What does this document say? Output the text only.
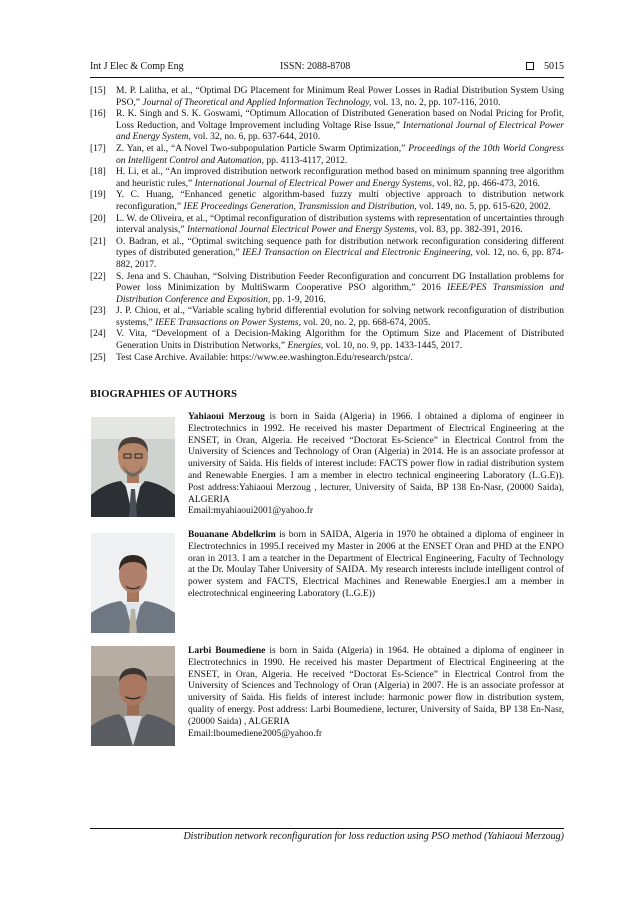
Int J Elec & Comp Eng	ISSN: 2088-8708	5015
[15] M. P. Lalitha, et al., “Optimal DG Placement for Minimum Real Power Losses in Radial Distribution System Using PSO,” Journal of Theoretical and Applied Information Technology, vol. 13, no. 2, pp. 107-116, 2010.
[16] R. K. Singh and S. K. Goswami, “Optimum Allocation of Distributed Generation based on Nodal Pricing for Profit, Loss Reduction, and Voltage Improvement including Voltage Rise Issue,” International Journal of Electrical Power and Energy System, vol. 32, no. 6, pp. 637-644, 2010.
[17] Z. Yan, et al., “A Novel Two-subpopulation Particle Swarm Optimization,” Proceedings of the 10th World Congress on Intelligent Control and Automation, pp. 4113-4117, 2012.
[18] H. Li, et al., “An improved distribution network reconfiguration method based on minimum spanning tree algorithm and heuristic rules,” International Journal of Electrical Power and Energy Systems, vol. 82, pp. 466-473, 2016.
[19] Y. C. Huang, “Enhanced genetic algorithm-based fuzzy multi objective approach to distribution network reconfiguration,” IEE Proceedings Generation, Transmission and Distribution, vol. 149, no. 5, pp. 615-620, 2002.
[20] L. W. de Oliveira, et al., “Optimal reconfiguration of distribution systems with representation of uncertainties through interval analysis,” International Journal Electrical Power and Energy Systems, vol. 83, pp. 382-391, 2016.
[21] O. Badran, et al., “Optimal switching sequence path for distribution network reconfiguration considering different types of distributed generation,” IEEJ Transaction on Electrical and Electronic Engineering, vol. 12, no. 6, pp. 874-882, 2017.
[22] S. Jena and S. Chauhan, “Solving Distribution Feeder Reconfiguration and concurrent DG Installation problems for Power loss Minimization by MultiSwarm Cooperative PSO algorithm,” 2016 IEEE/PES Transmission and Distribution Conference and Exposition, pp. 1-9, 2016.
[23] J. P. Chiou, et al., “Variable scaling hybrid differential evolution for solving network reconfiguration of distribution systems,” IEEE Transactions on Power Systems, vol. 20, no. 2, pp. 668-674, 2005.
[24] V. Vita, “Development of a Decision-Making Algorithm for the Optimum Size and Placement of Distributed Generation Units in Distribution Networks,” Energies, vol. 10, no. 9, pp. 1433-1445, 2017.
[25] Test Case Archive. Available: https://www.ee.washington.Edu/research/pstca/.
BIOGRAPHIES OF AUTHORS
Yahiaoui Merzoug is born in Saida (Algeria) in 1966. I obtained a diploma of engineer in Electrotechnics in 1992. He received his master Department of Electrical Engineering at the ENSET, in Oran, Algeria. He received “Doctorat Es-Science” in Electrical Control from the University of Sciences and Technology of Oran (Algeria) in 2014. He is an associate professor at university of Saida. His fields of interest include: FACTS power flow in radial distribution system and Renewable Energies. I am a member in electro technical engineering Laboratory (L.G.E)). Post address:Yahiaoui Merzoug , lecturer, University of Saida, BP 138 En-Nasr, (20000 Saida), ALGERIA
Email:myahiaoui2001@yahoo.fr
Bouanane Abdelkrim is born in SAIDA, Algeria in 1970 he obtained a diploma of engineer in Electrotechnics in 1995.I received my Master in 2006 at the ENSET Oran and PHD at the ENPO oran in 2013. I am a teatcher in the Department of Electrical Engineering, Faculty of Technology at the Dr. Moulay Taher University of SAIDA. My research interests include intelligent control of power system and FACTS, Electrical Machines and Renewable Energies.I am a member in electrotechnical engineering Laboratory (L.G.E))
Larbi Boumediene is born in Saida (Algeria) in 1964. He obtained a diploma of engineer in Electrotechnics in 1990. He received his master Department of Electrical Engineering at the ENSET, in Oran, Algeria. He received “Doctorat Es-Science” in Electrical Control from the University of Sciences and Technology of Oran (Algeria) in 2007. He is an associate professor at university of Saida. His fields of interest include: harmonic power flow in distribution system, quality of energy. Post address: Larbi Boumediene, lecturer, University of Saida, BP 138 En-Nasr, (20000 Saida) , ALGERIA
Email:lboumediene2005@yahoo.fr
Distribution network reconfiguration for loss reduction using PSO method (Yahiaoui Merzoug)
